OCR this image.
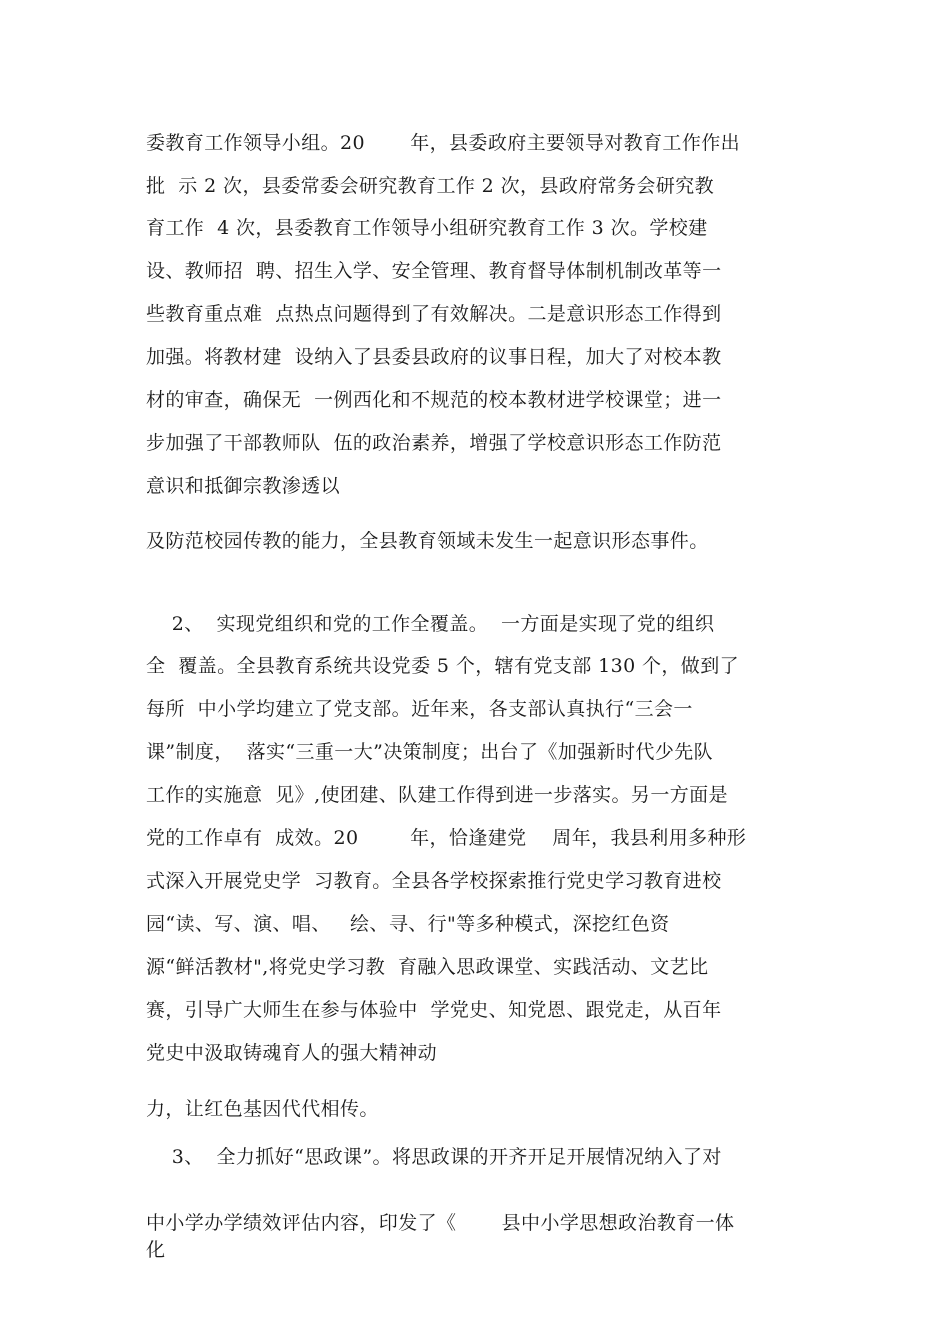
委教育工作领导小组。20　　 年，县委政府主要领导对教育工作作出
批  示 2 次，县委常委会研究教育工作 2 次，县政府常务会研究教
育工作  4 次，县委教育工作领导小组研究教育工作 3 次。学校建
设、教师招  聘、招生入学、安全管理、教育督导体制机制改革等一
些教育重点难  点热点问题得到了有效解决。二是意识形态工作得到
加强。将教材建  设纳入了县委县政府的议事日程，加大了对校本教
材的审查，确保无  一例西化和不规范的校本教材进学校课堂；进一
步加强了干部教师队  伍的政治素养，增强了学校意识形态工作防范
意识和抵御宗教渗透以
及防范校园传教的能力，全县教育领域未发生一起意识形态事件。
2、  实现党组织和党的工作全覆盖。  一方面是实现了党的组织
全  覆盖。全县教育系统共设党委 5 个，辖有党支部 130 个，做到了
每所  中小学均建立了党支部。近年来，各支部认真执行“三会一
课”制度，  落实“三重一大”决策制度；出台了《加强新时代少先队
工作的实施意  见》,使团建、队建工作得到进一步落实。另一方面是
党的工作卓有  成效。20　　  年，恰逢建党    周年，我县利用多种形
式深入开展党史学  习教育。全县各学校探索推行党史学习教育进校
园“读、写、演、唱、   绘、寻、行"等多种模式，深挖红色资
源“鲜活教材",将党史学习教  育融入思政课堂、实践活动、文艺比
赛，引导广大师生在参与体验中  学党史、知党恩、跟党走，从百年
党史中汲取铸魂育人的强大精神动
力，让红色基因代代相传。
3、  全力抓好“思政课”。将思政课的开齐开足开展情况纳入了对
中小学办学绩效评估内容，印发了《　　 县中小学思想政治教育一体
化
